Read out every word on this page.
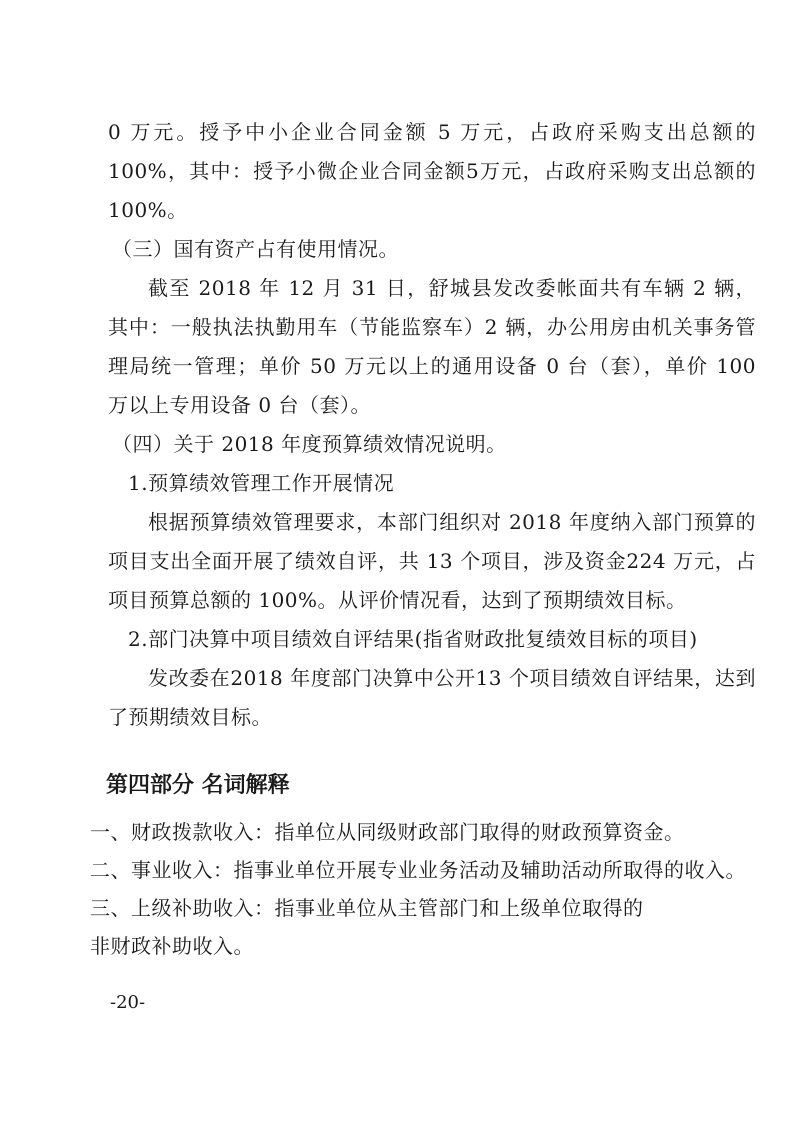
0 万元。授予中小企业合同金额 5 万元，占政府采购支出总额的
100%，其中：授予小微企业合同金额5万元，占政府采购支出总额的
100%。
（三）国有资产占有使用情况。
截至 2018 年 12 月 31 日，舒城县发改委帐面共有车辆 2 辆，
其中：一般执法执勤用车（节能监察车）2 辆，办公用房由机关事务管
理局统一管理；单价 50 万元以上的通用设备 0 台（套），单价 100
万以上专用设备 0 台（套）。
（四）关于 2018 年度预算绩效情况说明。
1.预算绩效管理工作开展情况
根据预算绩效管理要求，本部门组织对 2018 年度纳入部门预算的
项目支出全面开展了绩效自评，共 13 个项目，涉及资金224 万元，占
项目预算总额的 100%。从评价情况看，达到了预期绩效目标。
2.部门决算中项目绩效自评结果(指省财政批复绩效目标的项目)
发改委在2018 年度部门决算中公开13 个项目绩效自评结果，达到
了预期绩效目标。
第四部分 名词解释
一、财政拨款收入：指单位从同级财政部门取得的财政预算资金。
二、事业收入：指事业单位开展专业业务活动及辅助活动所取得的收入。
三、上级补助收入：指事业单位从主管部门和上级单位取得的
非财政补助收入。
-20-
